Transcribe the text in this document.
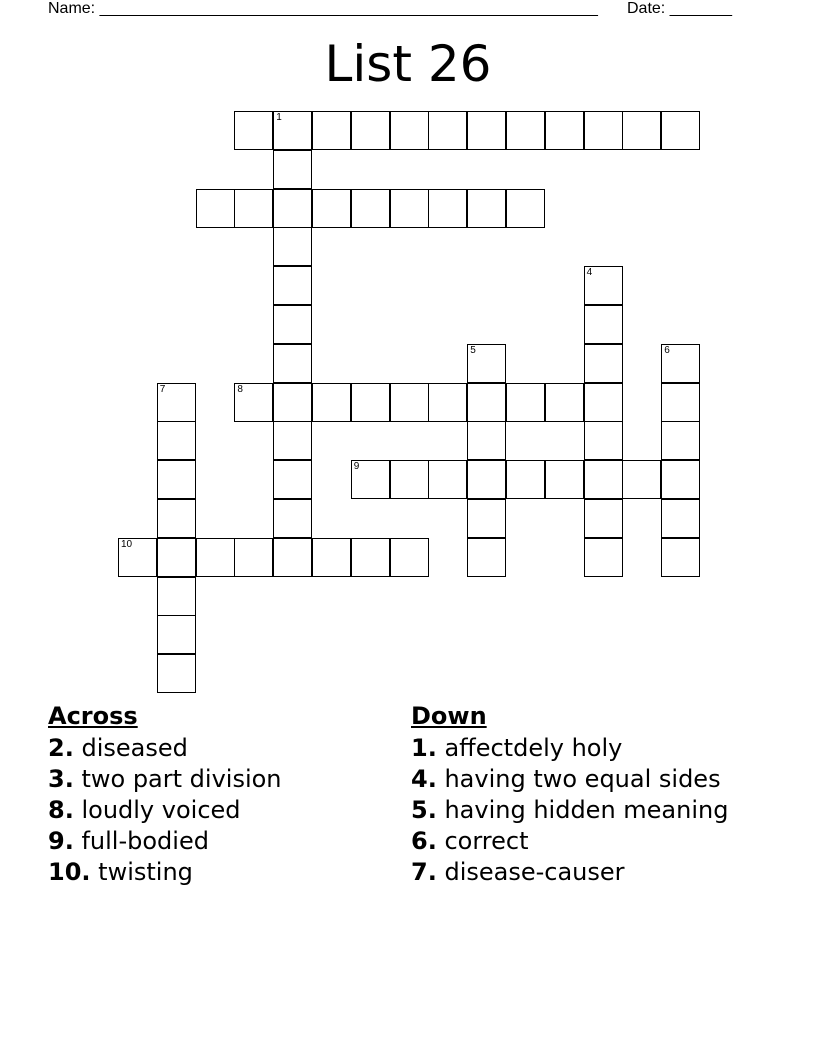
Name: ________________________________________________________ Date: _______
List 26
1
4
5	6
7	8
9
10
Across
2. diseased
3. two part division
8. loudly voiced
9. full-bodied
10. twisting
Down
1. affectdely holy
4. having two equal sides
5. having hidden meaning
6. correct
7. disease-causer
